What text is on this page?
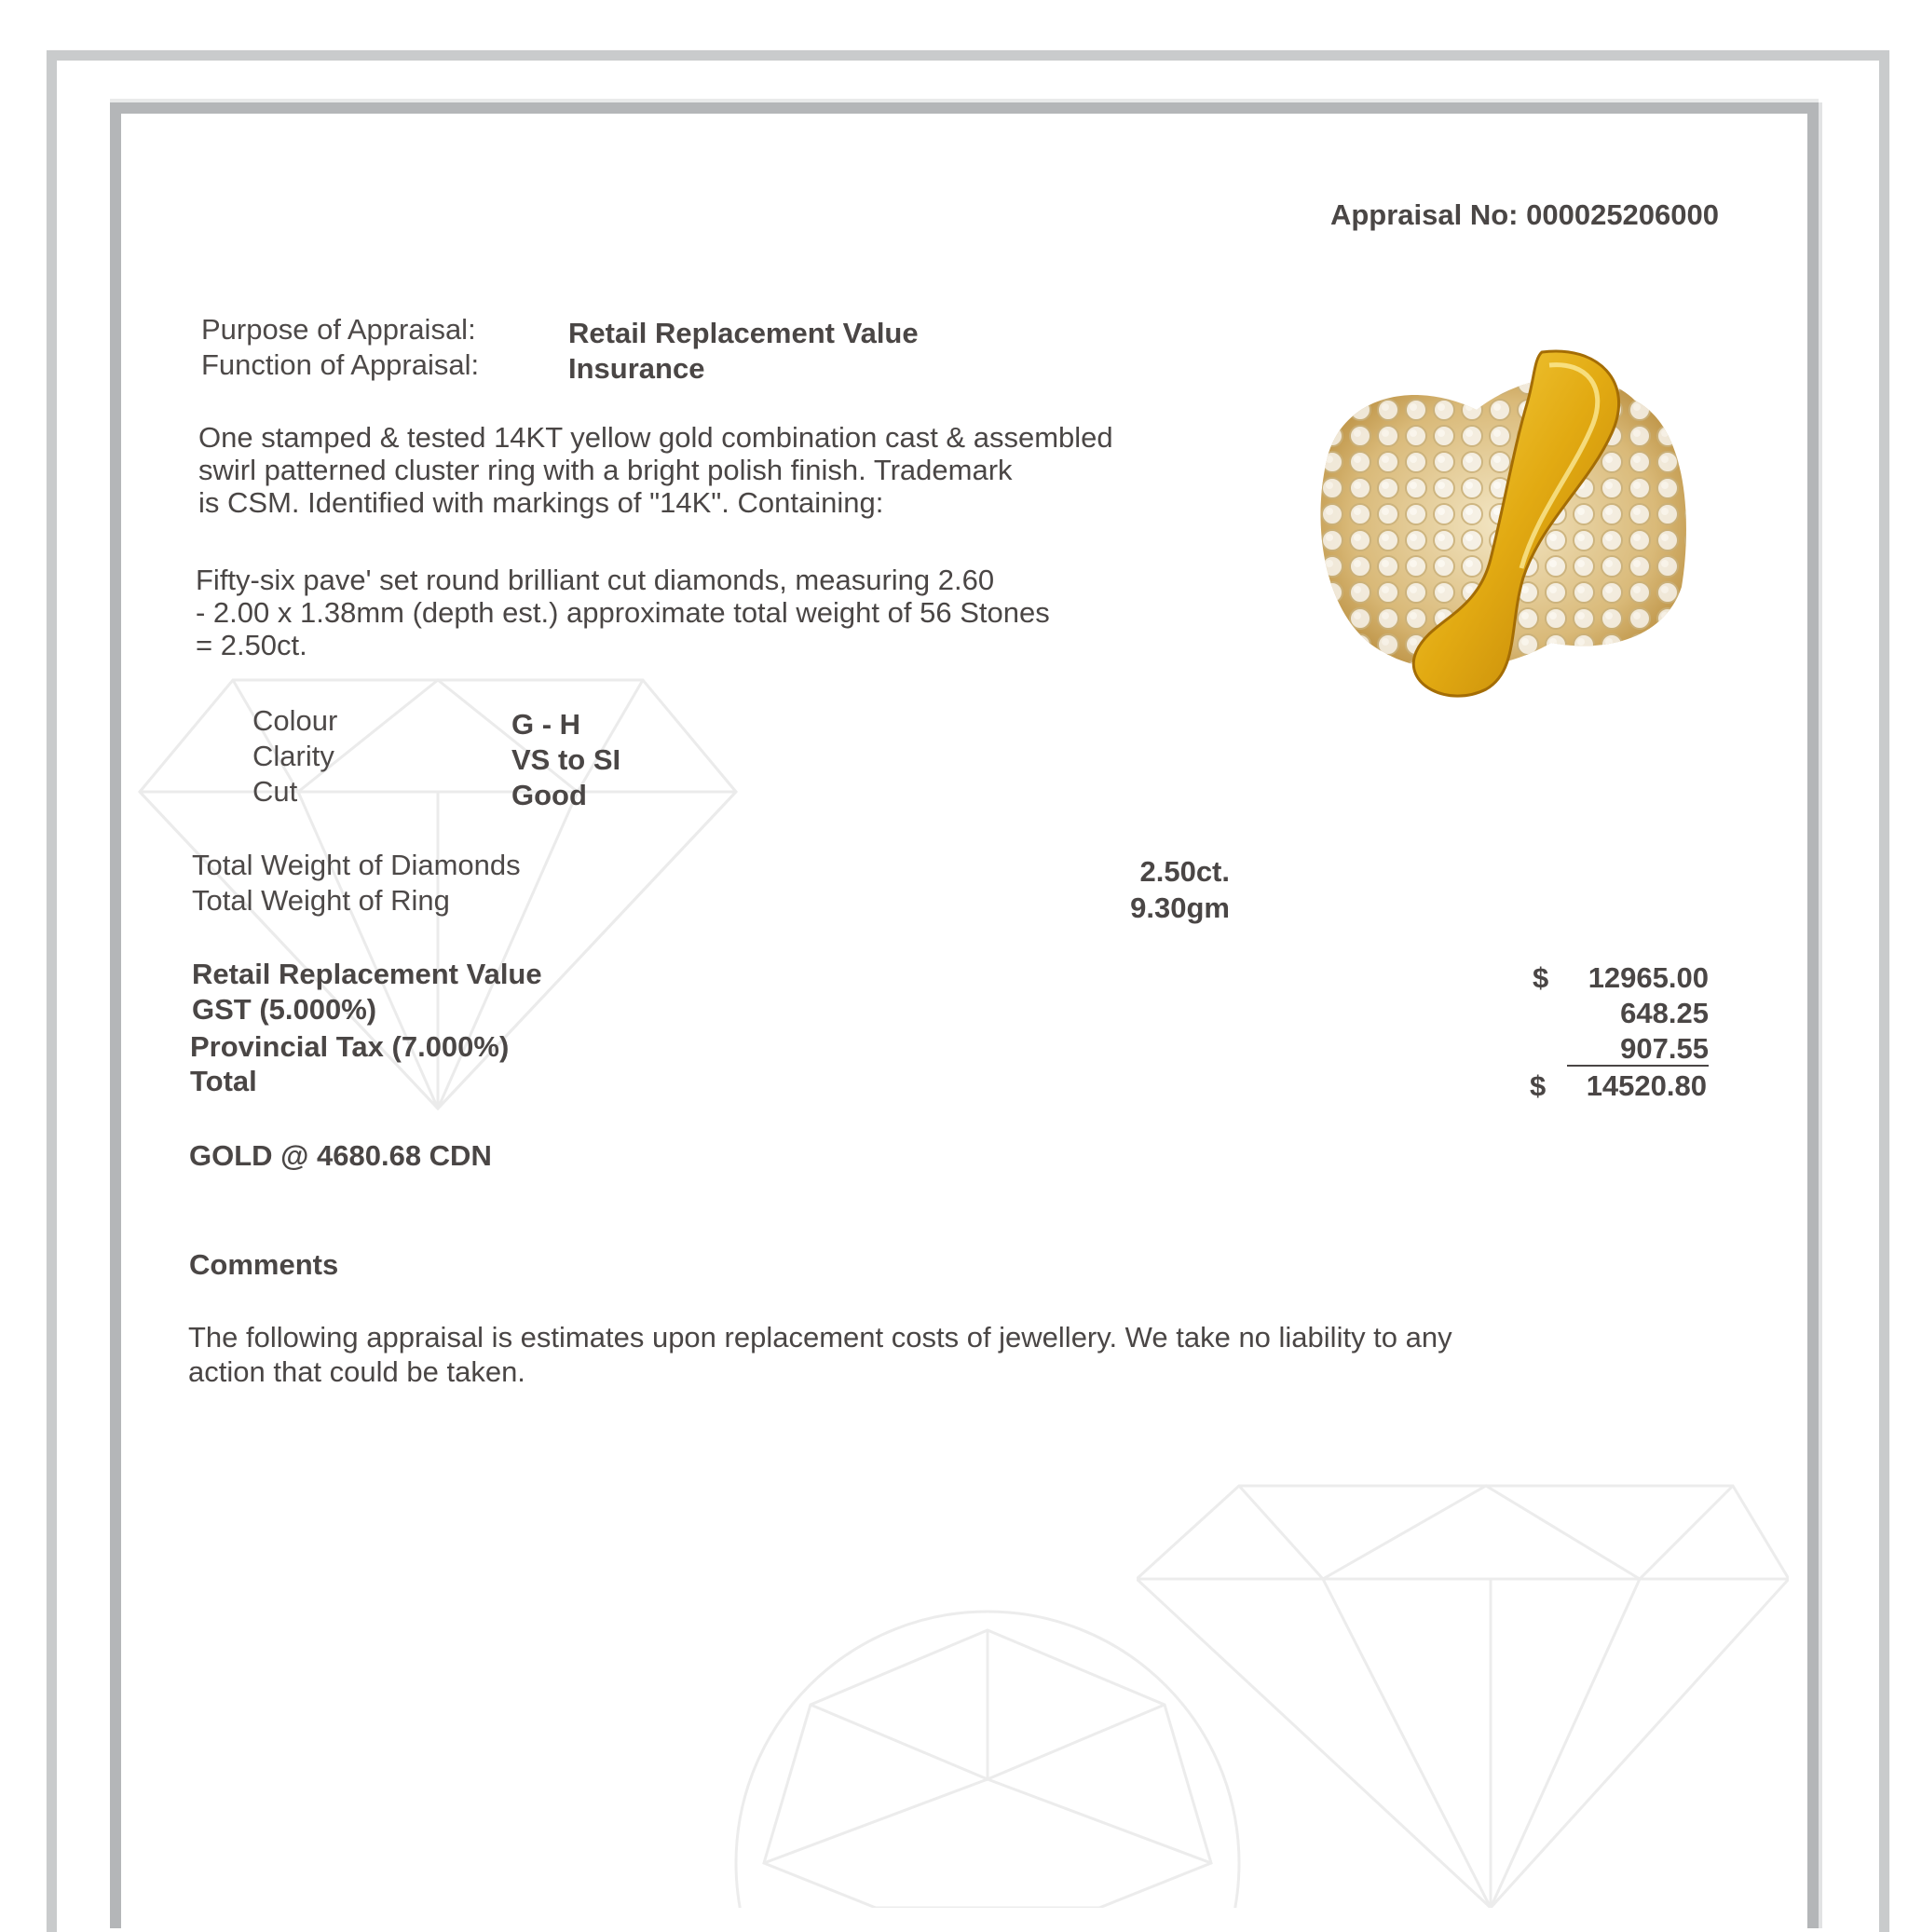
Appraisal No: 000025206000
Purpose of Appraisal:	Retail Replacement Value
Function of Appraisal:	Insurance
One stamped & tested 14KT yellow gold combination cast & assembled
swirl patterned cluster ring with a bright polish finish. Trademark
is CSM. Identified with markings of "14K". Containing:
Fifty-six pave' set round brilliant cut diamonds, measuring 2.60
- 2.00 x 1.38mm (depth est.) approximate total weight of 56 Stones
= 2.50ct.
Colour	G - H
Clarity	VS to SI
Cut	Good
Total Weight of Diamonds	2.50ct.
Total Weight of Ring	9.30gm
Retail Replacement Value	$ 12965.00
GST (5.000%)	648.25
Provincial Tax (7.000%)	907.55
Total	$ 14520.80
GOLD @ 4680.68 CDN
Comments
The following appraisal is estimates upon replacement costs of jewellery. We take no liability to any
action that could be taken.
